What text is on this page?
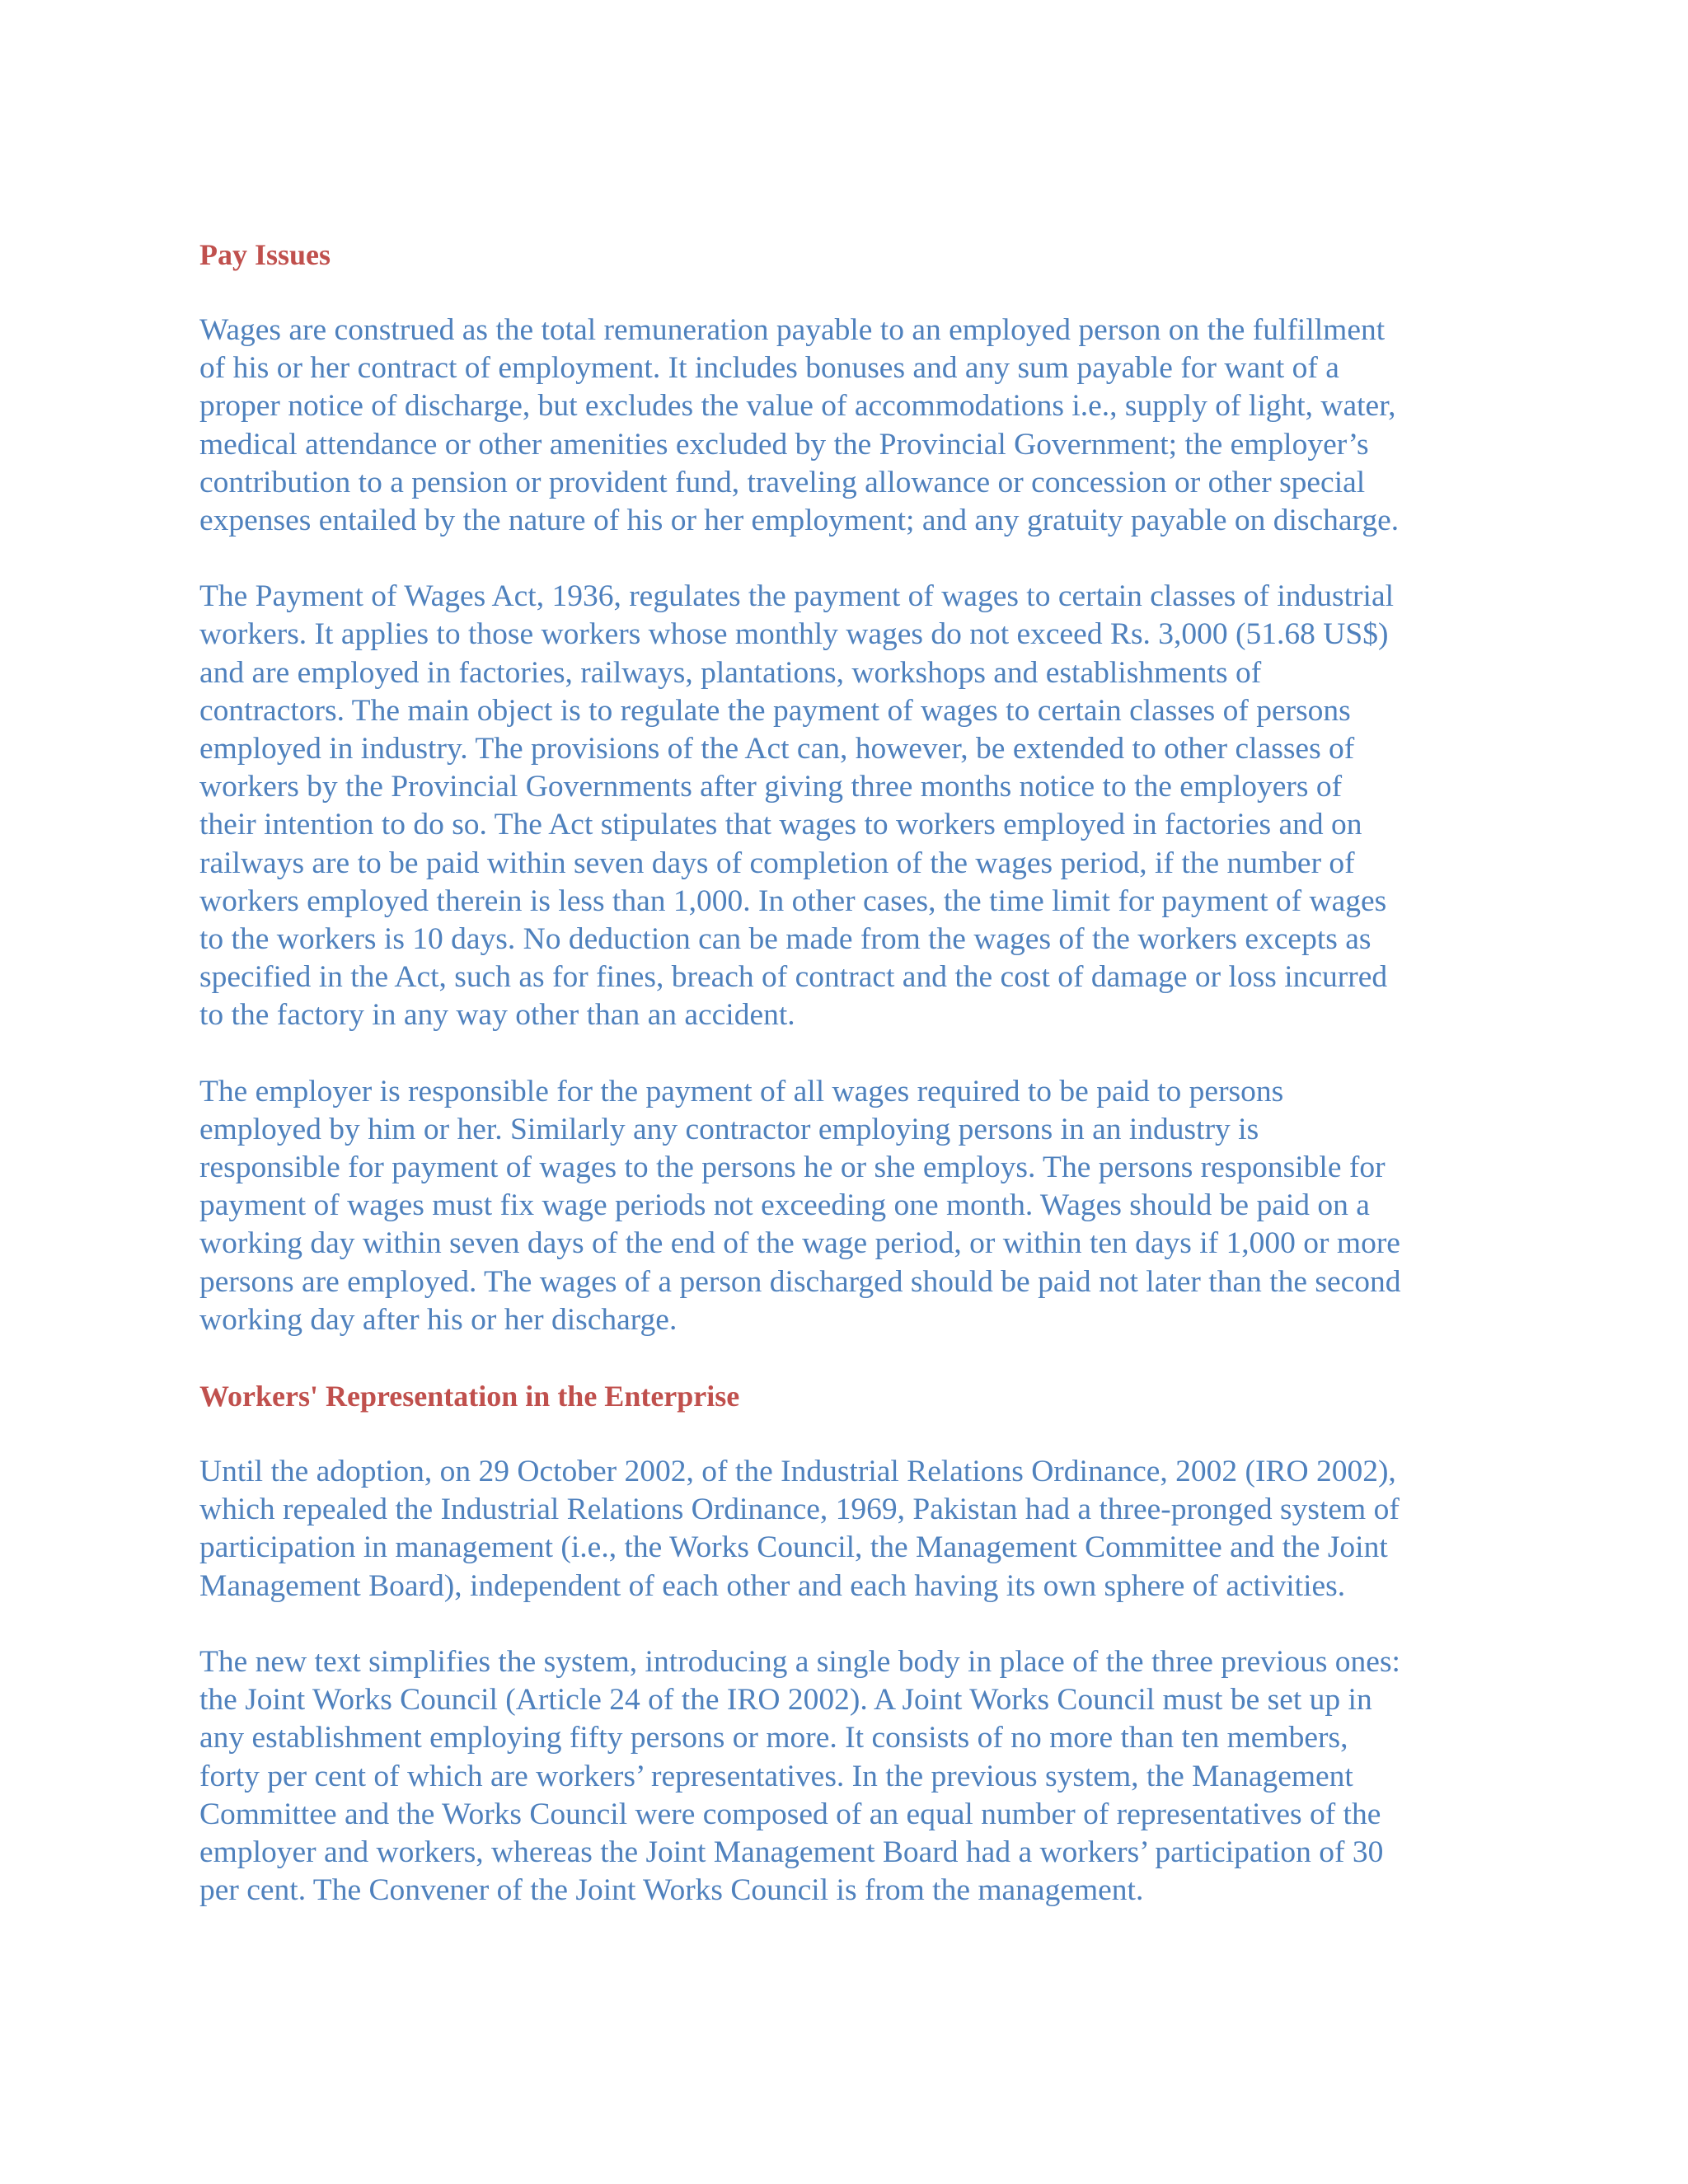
Pay Issues
Wages are construed as the total remuneration payable to an employed person on the fulfillment
of his or her contract of employment. It includes bonuses and any sum payable for want of a
proper notice of discharge, but excludes the value of accommodations i.e., supply of light, water,
medical attendance or other amenities excluded by the Provincial Government; the employer’s
contribution to a pension or provident fund, traveling allowance or concession or other special
expenses entailed by the nature of his or her employment; and any gratuity payable on discharge.
The Payment of Wages Act, 1936, regulates the payment of wages to certain classes of industrial
workers. It applies to those workers whose monthly wages do not exceed Rs. 3,000 (51.68 US$)
and are employed in factories, railways, plantations, workshops and establishments of
contractors. The main object is to regulate the payment of wages to certain classes of persons
employed in industry. The provisions of the Act can, however, be extended to other classes of
workers by the Provincial Governments after giving three months notice to the employers of
their intention to do so. The Act stipulates that wages to workers employed in factories and on
railways are to be paid within seven days of completion of the wages period, if the number of
workers employed therein is less than 1,000. In other cases, the time limit for payment of wages
to the workers is 10 days. No deduction can be made from the wages of the workers excepts as
specified in the Act, such as for fines, breach of contract and the cost of damage or loss incurred
to the factory in any way other than an accident.
The employer is responsible for the payment of all wages required to be paid to persons
employed by him or her. Similarly any contractor employing persons in an industry is
responsible for payment of wages to the persons he or she employs. The persons responsible for
payment of wages must fix wage periods not exceeding one month. Wages should be paid on a
working day within seven days of the end of the wage period, or within ten days if 1,000 or more
persons are employed. The wages of a person discharged should be paid not later than the second
working day after his or her discharge.
Workers' Representation in the Enterprise
Until the adoption, on 29 October 2002, of the Industrial Relations Ordinance, 2002 (IRO 2002),
which repealed the Industrial Relations Ordinance, 1969, Pakistan had a three-pronged system of
participation in management (i.e., the Works Council, the Management Committee and the Joint
Management Board), independent of each other and each having its own sphere of activities.
The new text simplifies the system, introducing a single body in place of the three previous ones:
the Joint Works Council (Article 24 of the IRO 2002). A Joint Works Council must be set up in
any establishment employing fifty persons or more. It consists of no more than ten members,
forty per cent of which are workers’ representatives. In the previous system, the Management
Committee and the Works Council were composed of an equal number of representatives of the
employer and workers, whereas the Joint Management Board had a workers’ participation of 30
per cent. The Convener of the Joint Works Council is from the management.
